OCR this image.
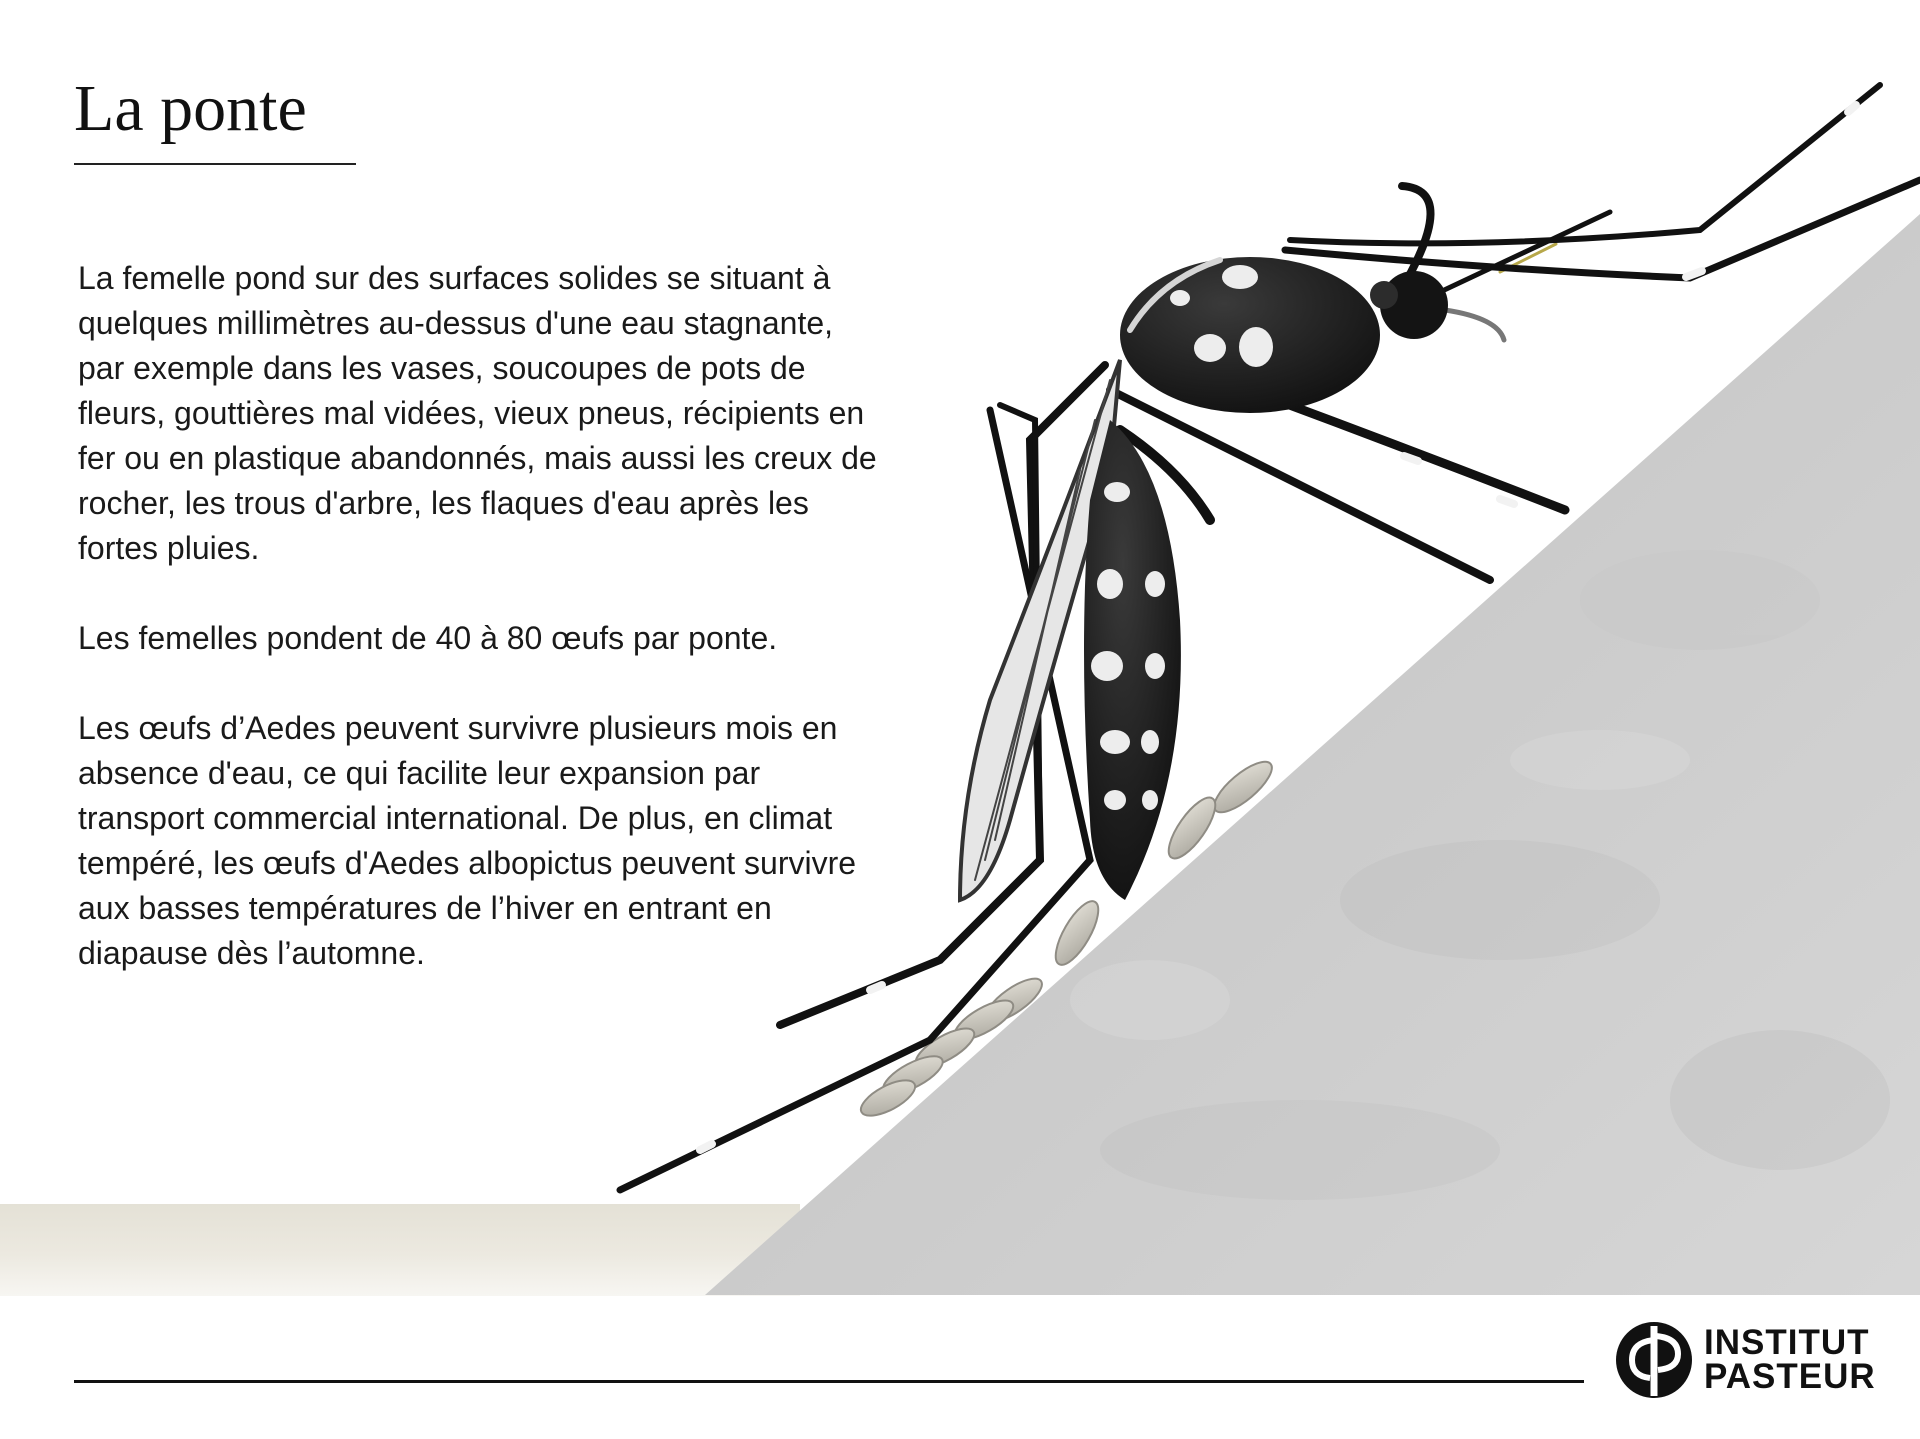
La ponte

La femelle pond sur des surfaces solides se situant à quelques millimètres au-dessus d'une eau stagnante, par exemple dans les vases, soucoupes de pots de fleurs, gouttières mal vidées, vieux pneus, récipients en fer ou en plastique abandonnés, mais aussi les creux de rocher, les trous d'arbre, les flaques d'eau après les fortes pluies.

Les femelles pondent de 40 à 80 œufs par ponte.

Les œufs d’Aedes peuvent survivre plusieurs mois en absence d'eau, ce qui facilite leur expansion par transport commercial international. De plus, en climat tempéré, les œufs d'Aedes albopictus peuvent survivre aux basses températures de l’hiver en entrant en diapause dès l’automne.

INSTITUT
PASTEUR
